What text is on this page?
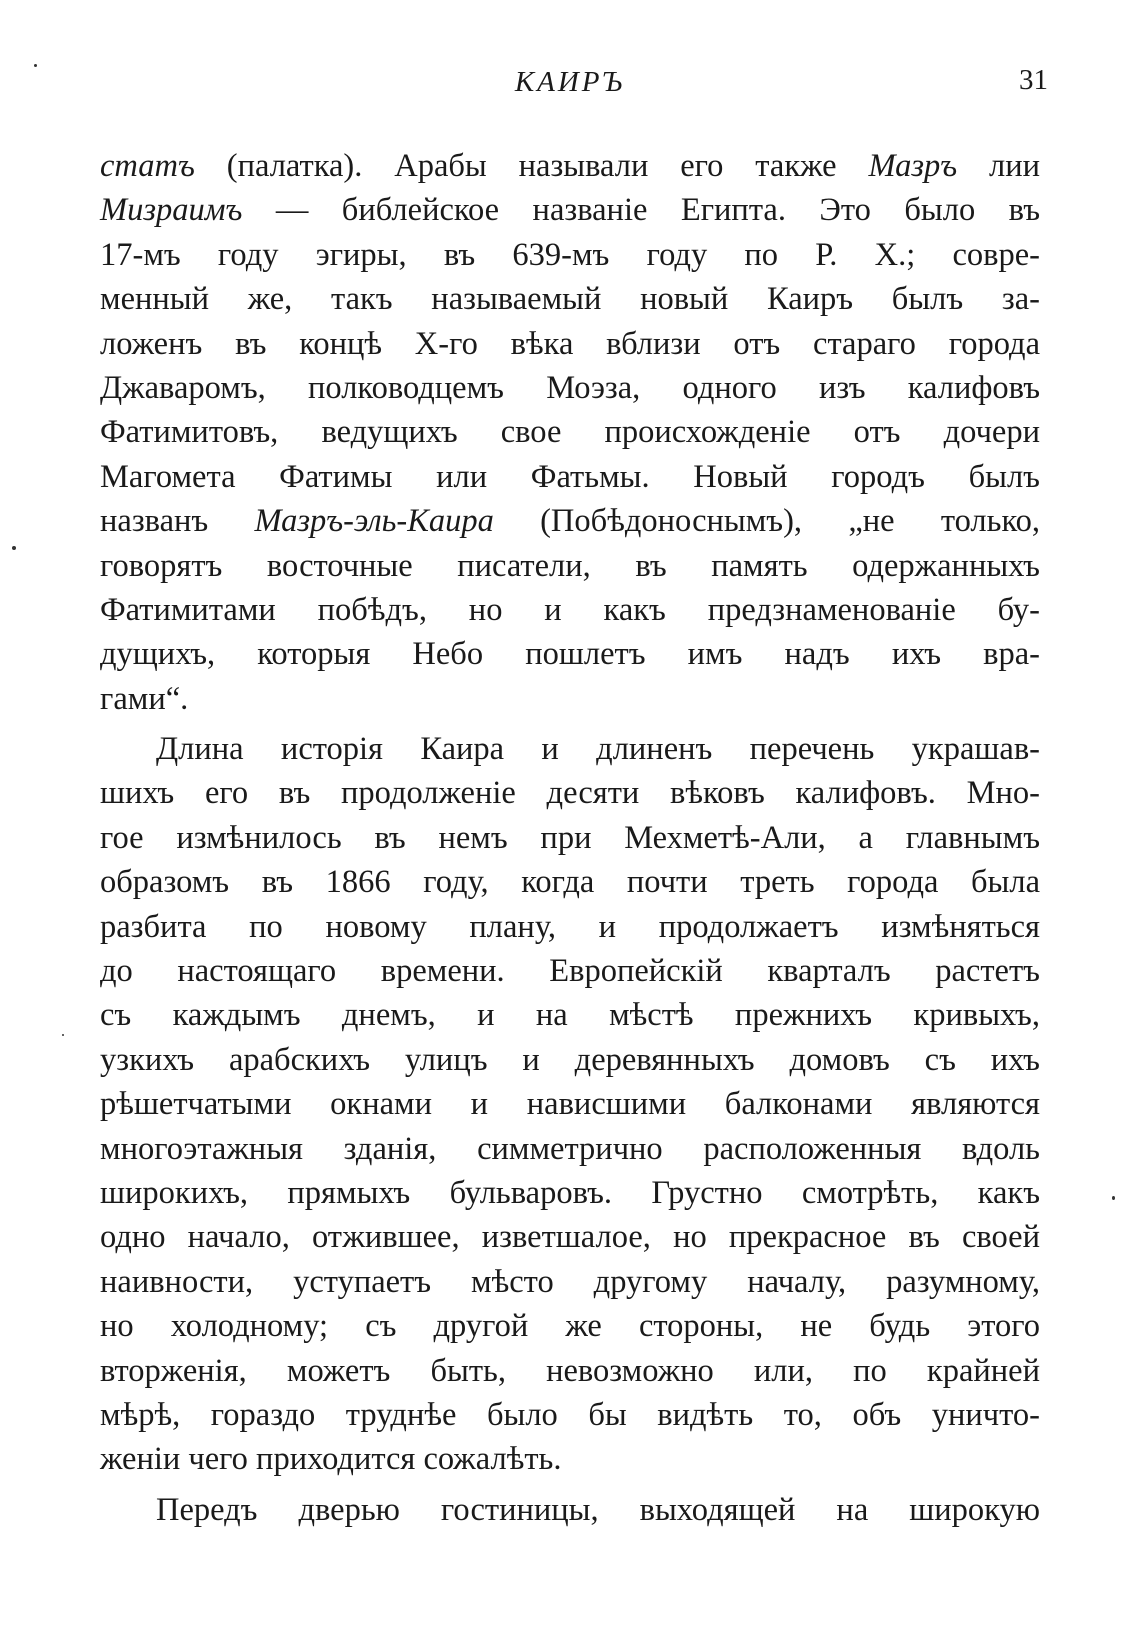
КАИРЪ	31
статъ (палатка). Арабы называли его также Мазръ лии
Мизраимъ — библейское названіе Египта. Это было въ
17-мъ году эгиры, въ 639-мъ году по Р. X.; совре-
менный же, такъ называемый новый Каиръ былъ за-
ложенъ въ концѣ X-го вѣка вблизи отъ стараго города
Джаваромъ, полководцемъ Моэза, одного изъ калифовъ
Фатимитовъ, ведущихъ свое происхожденіе отъ дочери
Магомета Фатимы или Фатьмы. Новый городъ былъ
названъ Мазръ-эль-Каира (Побѣдоноснымъ), „не только,
говорятъ восточные писатели, въ память одержанныхъ
Фатимитами побѣдъ, но и какъ предзнаменованіе бу-
дущихъ, которыя Небо пошлетъ имъ надъ ихъ вра-
гами“.
Длина исторія Каира и длиненъ перечень украшав-
шихъ его въ продолженіе десяти вѣковъ калифовъ. Мно-
гое измѣнилось въ немъ при Мехметѣ-Али, а главнымъ
образомъ въ 1866 году, когда почти треть города была
разбита по новому плану, и продолжаетъ измѣняться
до настоящаго времени. Европейскій кварталъ растетъ
съ каждымъ днемъ, и на мѣстѣ прежнихъ кривыхъ,
узкихъ арабскихъ улицъ и деревянныхъ домовъ съ ихъ
рѣшетчатыми окнами и нависшими балконами являются
многоэтажныя зданія, симметрично расположенныя вдоль
широкихъ, прямыхъ бульваровъ. Грустно смотрѣть, какъ
одно начало, отжившее, изветшалое, но прекрасное въ своей
наивности, уступаетъ мѣсто другому началу, разумному,
но холодному; съ другой же стороны, не будь этого
вторженія, можетъ быть, невозможно или, по крайней
мѣрѣ, гораздо труднѣе было бы видѣть то, объ уничто-
женіи чего приходится сожалѣть.
Передъ дверью гостиницы, выходящей на широкую
